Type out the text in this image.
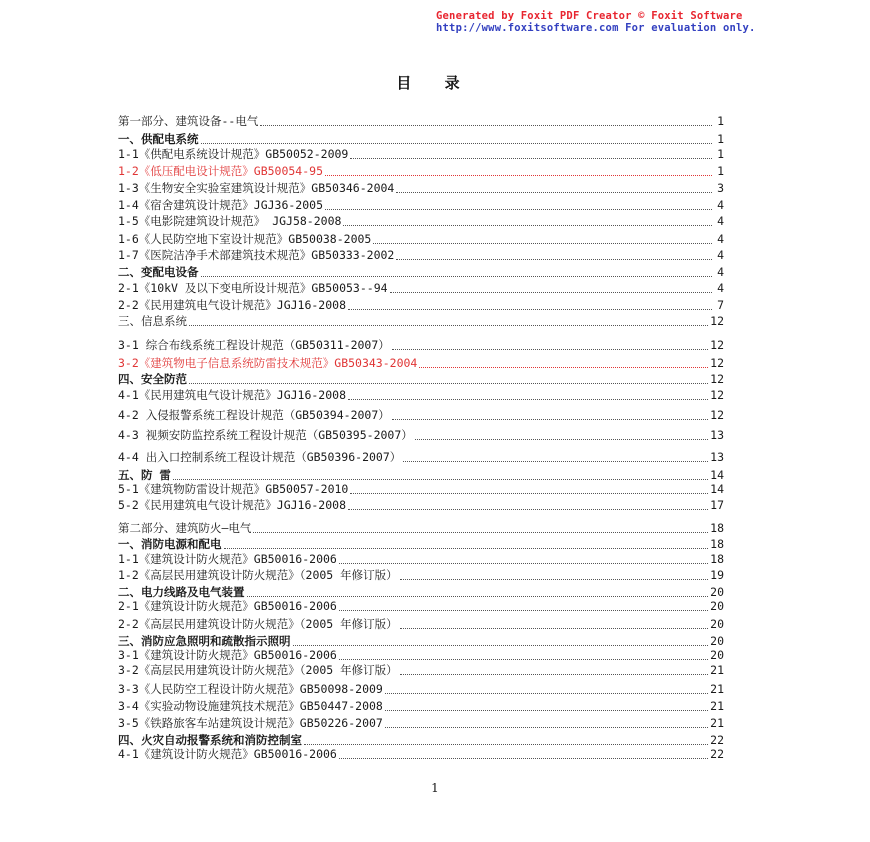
Generated by Foxit PDF Creator © Foxit Software
http://www.foxitsoftware.com For evaluation only.
目 录
第一部分、建筑设备--电气	1
一、供配电系统	1
1-1《供配电系统设计规范》GB50052-2009	1
1-2《低压配电设计规范》GB50054-95	1
1-3《生物安全实验室建筑设计规范》GB50346-2004	3
1-4《宿舍建筑设计规范》JGJ36-2005	4
1-5《电影院建筑设计规范》 JGJ58-2008	4
1-6《人民防空地下室设计规范》GB50038-2005	4
1-7《医院洁净手术部建筑技术规范》GB50333-2002	4
二、变配电设备	4
2-1《10kV 及以下变电所设计规范》GB50053--94	4
2-2《民用建筑电气设计规范》JGJ16-2008	7
三、信息系统	12
3-1 综合布线系统工程设计规范（GB50311-2007）	12
3-2《建筑物电子信息系统防雷技术规范》GB50343-2004	12
四、安全防范	12
4-1《民用建筑电气设计规范》JGJ16-2008	12
4-2 入侵报警系统工程设计规范（GB50394-2007）	12
4-3 视频安防监控系统工程设计规范（GB50395-2007）	13
4-4 出入口控制系统工程设计规范（GB50396-2007）	13
五、防 雷	14
5-1《建筑物防雷设计规范》GB50057-2010	14
5-2《民用建筑电气设计规范》JGJ16-2008	17
第二部分、建筑防火—电气	18
一、消防电源和配电	18
1-1《建筑设计防火规范》GB50016-2006	18
1-2《高层民用建筑设计防火规范》（2005 年修订版）	19
二、电力线路及电气装置	20
2-1《建筑设计防火规范》GB50016-2006	20
2-2《高层民用建筑设计防火规范》（2005 年修订版）	20
三、消防应急照明和疏散指示照明	20
3-1《建筑设计防火规范》GB50016-2006	20
3-2《高层民用建筑设计防火规范》（2005 年修订版）	21
3-3《人民防空工程设计防火规范》GB50098-2009	21
3-4《实验动物设施建筑技术规范》GB50447-2008	21
3-5《铁路旅客车站建筑设计规范》GB50226-2007	21
四、火灾自动报警系统和消防控制室	22
4-1《建筑设计防火规范》GB50016-2006	22
1
